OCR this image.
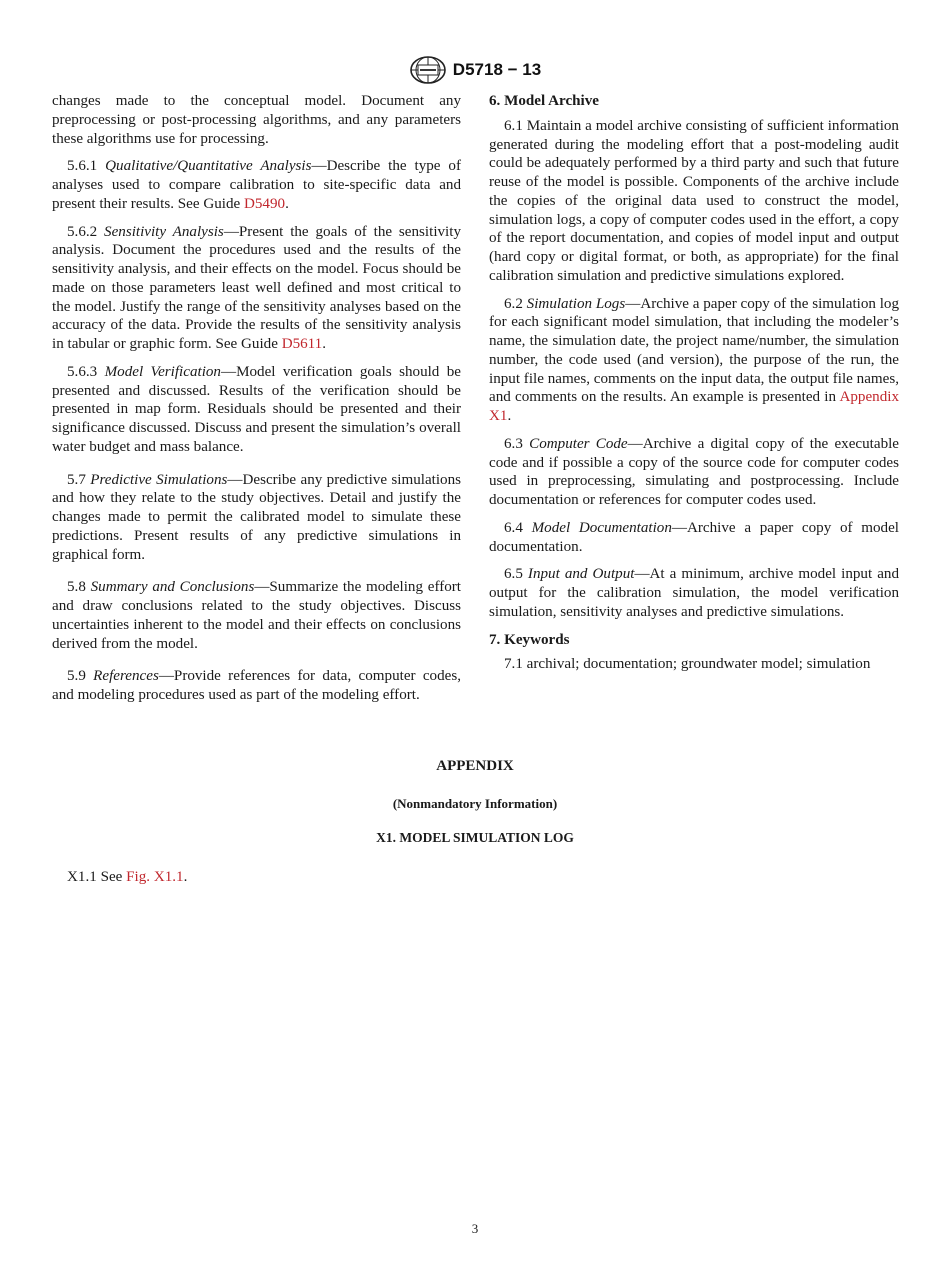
D5718 − 13

changes made to the conceptual model. Document any preprocessing or post-processing algorithms, and any parameters these algorithms use for processing.

5.6.1 Qualitative/Quantitative Analysis—Describe the type of analyses used to compare calibration to site-specific data and present their results. See Guide D5490.

5.6.2 Sensitivity Analysis—Present the goals of the sensitivity analysis. Document the procedures used and the results of the sensitivity analysis, and their effects on the model. Focus should be made on those parameters least well defined and most critical to the model. Justify the range of the sensitivity analyses based on the accuracy of the data. Provide the results of the sensitivity analysis in tabular or graphic form. See Guide D5611.

5.6.3 Model Verification—Model verification goals should be presented and discussed. Results of the verification should be presented in map form. Residuals should be presented and their significance discussed. Discuss and present the simulation’s overall water budget and mass balance.

5.7 Predictive Simulations—Describe any predictive simulations and how they relate to the study objectives. Detail and justify the changes made to permit the calibrated model to simulate these predictions. Present results of any predictive simulations in graphical form.

5.8 Summary and Conclusions—Summarize the modeling effort and draw conclusions related to the study objectives. Discuss uncertainties inherent to the model and their effects on conclusions derived from the model.

5.9 References—Provide references for data, computer codes, and modeling procedures used as part of the modeling effort.

6. Model Archive

6.1 Maintain a model archive consisting of sufficient information generated during the modeling effort that a post-modeling audit could be adequately performed by a third party and such that future reuse of the model is possible. Components of the archive include the copies of the original data used to construct the model, simulation logs, a copy of computer codes used in the effort, a copy of the report documentation, and copies of model input and output (hard copy or digital format, or both, as appropriate) for the final calibration simulation and predictive simulations explored.

6.2 Simulation Logs—Archive a paper copy of the simulation log for each significant model simulation, that including the modeler’s name, the simulation date, the project name/number, the simulation number, the code used (and version), the purpose of the run, the input file names, comments on the input data, the output file names, and comments on the results. An example is presented in Appendix X1.

6.3 Computer Code—Archive a digital copy of the executable code and if possible a copy of the source code for computer codes used in preprocessing, simulating and postprocessing. Include documentation or references for computer codes used.

6.4 Model Documentation—Archive a paper copy of model documentation.

6.5 Input and Output—At a minimum, archive model input and output for the calibration simulation, the model verification simulation, sensitivity analyses and predictive simulations.

7. Keywords

7.1 archival; documentation; groundwater model; simulation

APPENDIX
(Nonmandatory Information)
X1. MODEL SIMULATION LOG
X1.1 See Fig. X1.1.
3
